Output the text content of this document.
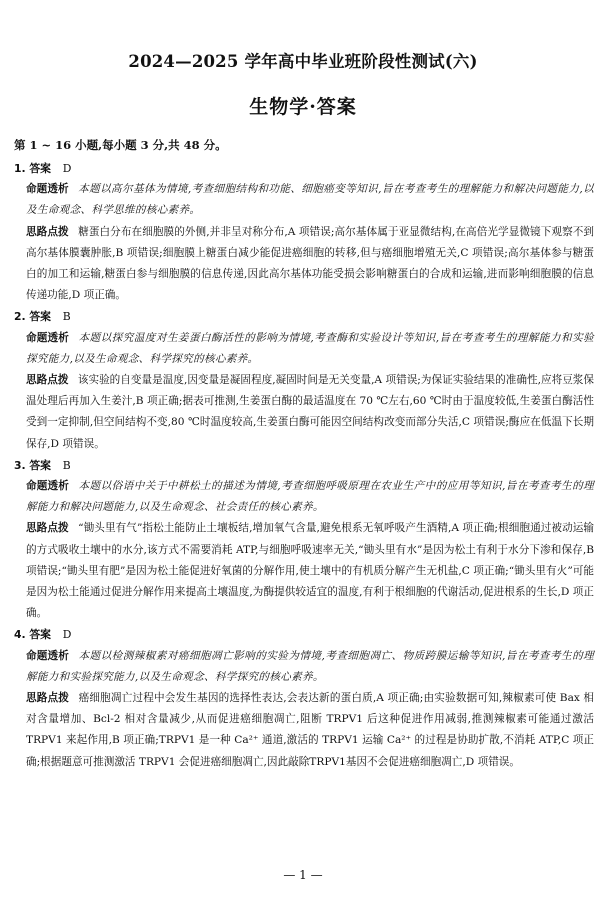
2024—2025 学年高中毕业班阶段性测试(六)
生物学·答案
第 1 ~ 16 小题,每小题 3 分,共 48 分。
1. 答案 D
命题透析 本题以高尔基体为情境,考查细胞结构和功能、细胞癌变等知识,旨在考查考生的理解能力和解决问题能力,以及生命观念、科学思维的核心素养。
思路点拨 糖蛋白分布在细胞膜的外侧,并非呈对称分布,A 项错误;高尔基体属于亚显微结构,在高倍光学显微镜下观察不到高尔基体膜囊肿胀,B 项错误;细胞膜上糖蛋白减少能促进癌细胞的转移,但与癌细胞增殖无关,C 项错误;高尔基体参与糖蛋白的加工和运输,糖蛋白参与细胞膜的信息传递,因此高尔基体功能受损会影响糖蛋白的合成和运输,进而影响细胞膜的信息传递功能,D 项正确。
2. 答案 B
命题透析 本题以探究温度对生姜蛋白酶活性的影响为情境,考查酶和实验设计等知识,旨在考查考生的理解能力和实验探究能力,以及生命观念、科学探究的核心素养。
思路点拨 该实验的自变量是温度,因变量是凝固程度,凝固时间是无关变量,A 项错误;为保证实验结果的准确性,应将豆浆保温处理后再加入生姜汁,B 项正确;据表可推测,生姜蛋白酶的最适温度在 70 ℃左右,60 ℃时由于温度较低,生姜蛋白酶活性受到一定抑制,但空间结构不变,80 ℃时温度较高,生姜蛋白酶可能因空间结构改变而部分失活,C 项错误;酶应在低温下长期保存,D 项错误。
3. 答案 B
命题透析 本题以俗语中关于中耕松土的描述为情境,考查细胞呼吸原理在农业生产中的应用等知识,旨在考查考生的理解能力和解决问题能力,以及生命观念、社会责任的核心素养。
思路点拨 “锄头里有气”指松土能防止土壤板结,增加氧气含量,避免根系无氧呼吸产生酒精,A 项正确;根细胞通过被动运输的方式吸收土壤中的水分,该方式不需要消耗 ATP,与细胞呼吸速率无关,“锄头里有水”是因为松土有利于水分下渗和保存,B 项错误;“锄头里有肥”是因为松土能促进好氧菌的分解作用,使土壤中的有机质分解产生无机盐,C 项正确;“锄头里有火”可能是因为松土能通过促进分解作用来提高土壤温度,为酶提供较适宜的温度,有利于根细胞的代谢活动,促进根系的生长,D 项正确。
4. 答案 D
命题透析 本题以检测辣椒素对癌细胞凋亡影响的实验为情境,考查细胞凋亡、物质跨膜运输等知识,旨在考查考生的理解能力和实验探究能力,以及生命观念、科学探究的核心素养。
思路点拨 癌细胞凋亡过程中会发生基因的选择性表达,会表达新的蛋白质,A 项正确;由实验数据可知,辣椒素可使 Bax 相对含量增加、Bcl-2 相对含量减少,从而促进癌细胞凋亡,阻断 TRPV1 后这种促进作用减弱,推测辣椒素可能通过激活 TRPV1 来起作用,B 项正确;TRPV1 是一种 Ca²⁺ 通道,激活的 TRPV1 运输 Ca²⁺ 的过程是协助扩散,不消耗 ATP,C 项正确;根据题意可推测激活 TRPV1 会促进癌细胞凋亡,因此敲除TRPV1基因不会促进癌细胞凋亡,D 项错误。
— 1 —
